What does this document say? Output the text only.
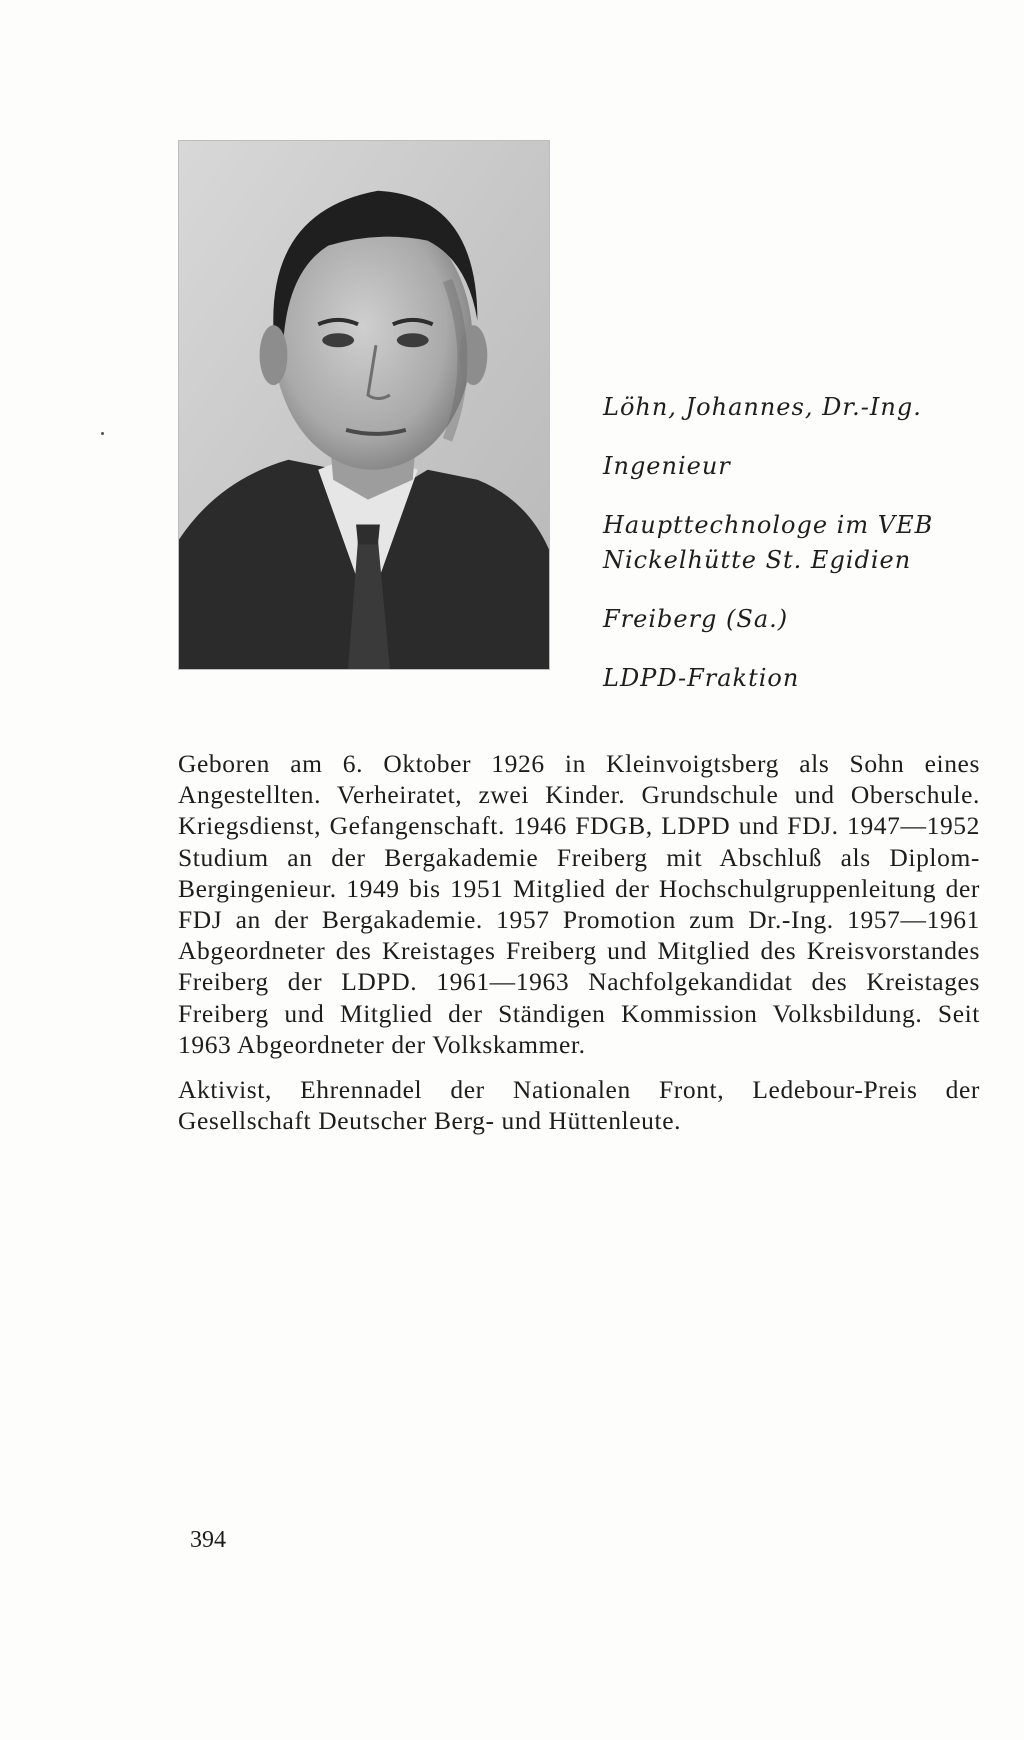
Löhn, Johannes, Dr.-Ing.
Ingenieur
Haupttechnologe im VEB
Nickelhütte St. Egidien
Freiberg (Sa.)
LDPD-Fraktion

Geboren am 6. Oktober 1926 in Kleinvoigtsberg als Sohn eines Angestellten. Verheiratet, zwei Kinder. Grundschule und Oberschule. Kriegsdienst, Gefangenschaft. 1946 FDGB, LDPD und FDJ. 1947—1952 Studium an der Bergakademie Freiberg mit Abschluß als Diplom-Bergingenieur. 1949 bis 1951 Mitglied der Hochschulgruppenleitung der FDJ an der Bergakademie. 1957 Promotion zum Dr.-Ing. 1957—1961 Abgeordneter des Kreistages Freiberg und Mitglied des Kreisvorstandes Freiberg der LDPD. 1961—1963 Nachfolgekandidat des Kreistages Freiberg und Mitglied der Ständigen Kommission Volksbildung. Seit 1963 Abgeordneter der Volkskammer.

Aktivist, Ehrennadel der Nationalen Front, Ledebour-Preis der Gesellschaft Deutscher Berg- und Hüttenleute.

394
